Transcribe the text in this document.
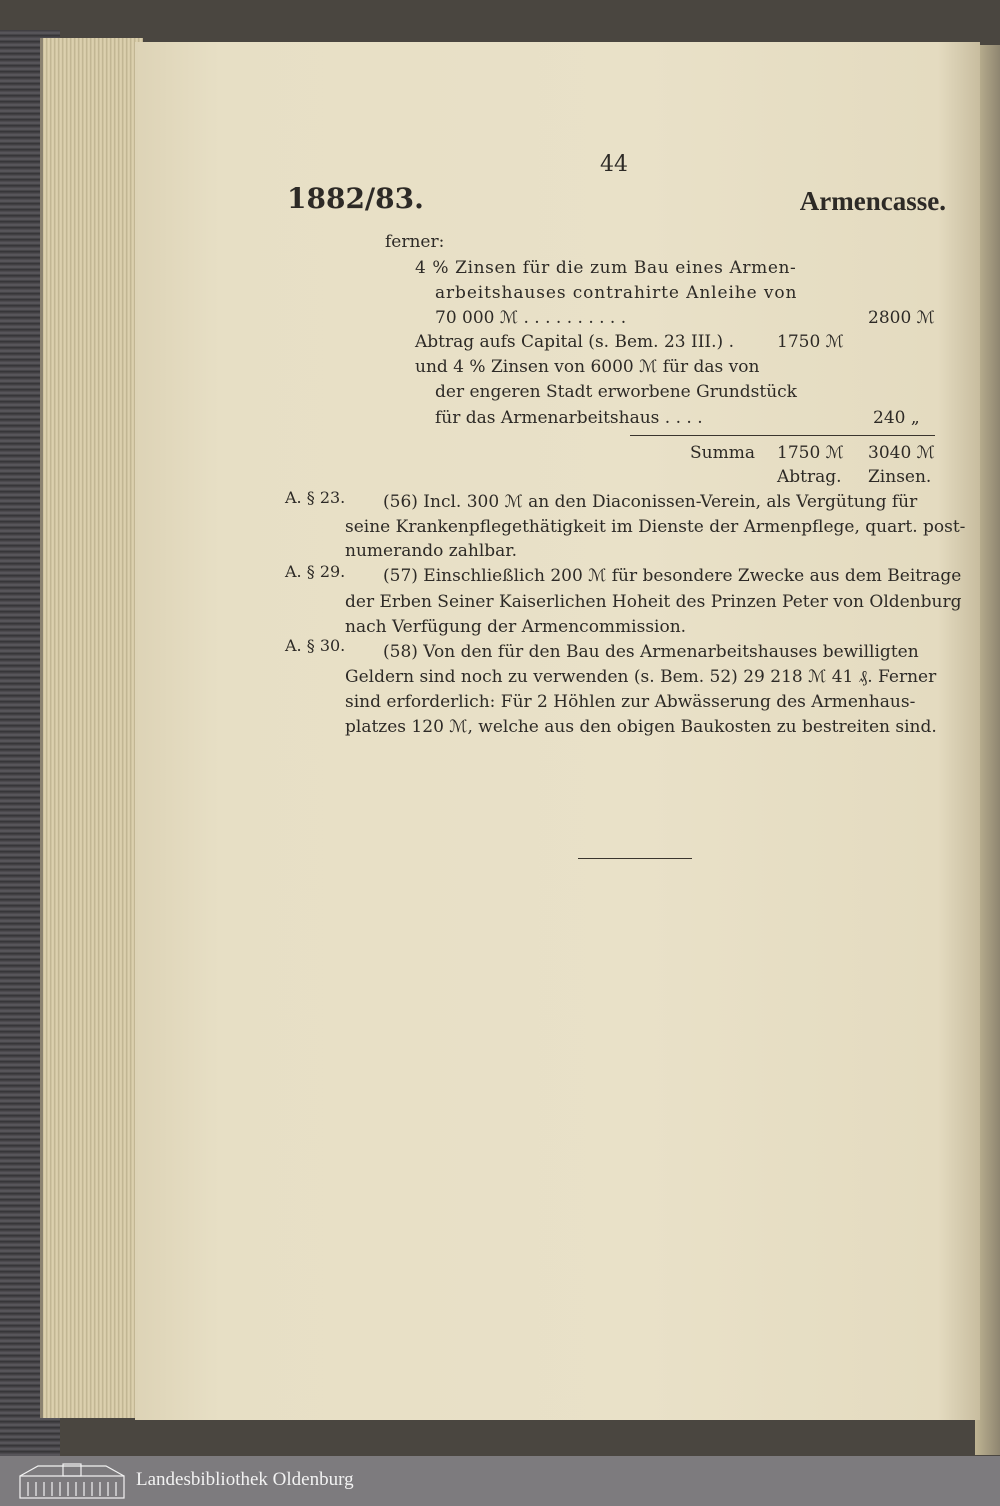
44
1882/83.	Armencasse.
ferner:
4 % Zinsen für die zum Bau eines Armen-
arbeitshauses contrahirte Anleihe von
70 000 ℳ . . . . . . . . . .	2800 ℳ
Abtrag aufs Capital (s. Bem. 23 III.) .	1750 ℳ
und 4 % Zinsen von 6000 ℳ für das von
der engeren Stadt erworbene Grundstück
für das Armenarbeitshaus . . . .	240 „
Summa 1750 ℳ 3040 ℳ
Abtrag. Zinsen.
A. § 23. (56) Incl. 300 ℳ an den Diaconissen-Verein, als Vergütung für
seine Krankenpflegethätigkeit im Dienste der Armenpflege, quart. post-
numerando zahlbar.
A. § 29. (57) Einschließlich 200 ℳ für besondere Zwecke aus dem Beitrage
der Erben Seiner Kaiserlichen Hoheit des Prinzen Peter von Oldenburg
nach Verfügung der Armencommission.
A. § 30. (58) Von den für den Bau des Armenarbeitshauses bewilligten
Geldern sind noch zu verwenden (s. Bem. 52) 29 218 ℳ 41 ₰. Ferner
sind erforderlich: Für 2 Höhlen zur Abwässerung des Armenhaus-
platzes 120 ℳ, welche aus den obigen Baukosten zu bestreiten sind.
Landesbibliothek Oldenburg
